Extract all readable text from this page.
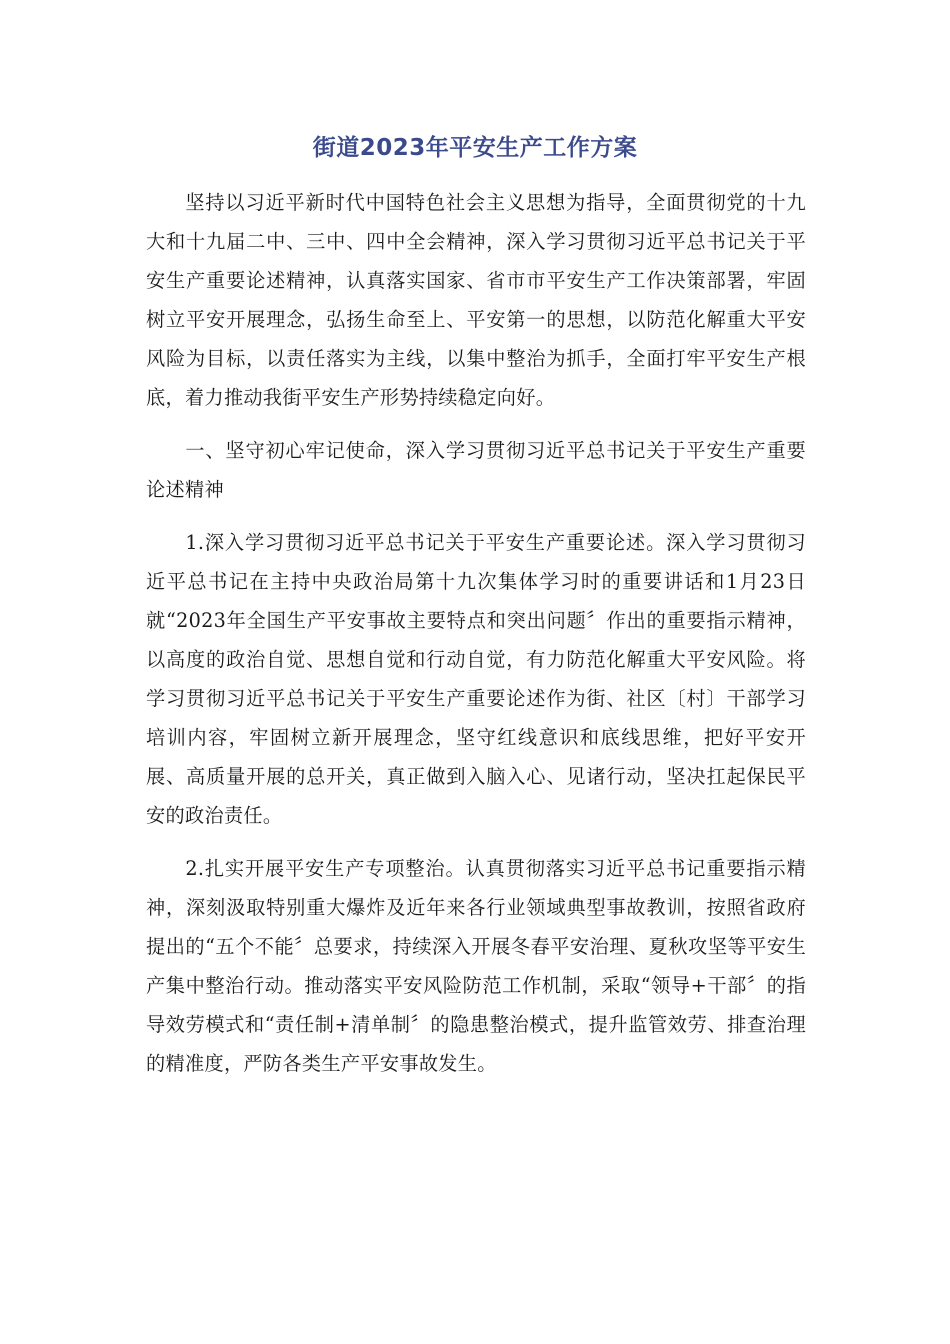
街道2023年平安生产工作方案

坚持以习近平新时代中国特色社会主义思想为指导，全面贯彻党的十九大和十九届二中、三中、四中全会精神，深入学习贯彻习近平总书记关于平安生产重要论述精神，认真落实国家、省市市平安生产工作决策部署，牢固树立平安开展理念，弘扬生命至上、平安第一的思想，以防范化解重大平安风险为目标，以责任落实为主线，以集中整治为抓手，全面打牢平安生产根底，着力推动我街平安生产形势持续稳定向好。

一、坚守初心牢记使命，深入学习贯彻习近平总书记关于平安生产重要论述精神

1.深入学习贯彻习近平总书记关于平安生产重要论述。深入学习贯彻习近平总书记在主持中央政治局第十九次集体学习时的重要讲话和1月23日就“2023年全国生产平安事故主要特点和突出问题〞作出的重要指示精神，以高度的政治自觉、思想自觉和行动自觉，有力防范化解重大平安风险。将学习贯彻习近平总书记关于平安生产重要论述作为街、社区〔村〕干部学习培训内容，牢固树立新开展理念，坚守红线意识和底线思维，把好平安开展、高质量开展的总开关，真正做到入脑入心、见诸行动，坚决扛起保民平安的政治责任。

2.扎实开展平安生产专项整治。认真贯彻落实习近平总书记重要指示精神，深刻汲取特别重大爆炸及近年来各行业领域典型事故教训，按照省政府提出的“五个不能〞总要求，持续深入开展冬春平安治理、夏秋攻坚等平安生产集中整治行动。推动落实平安风险防范工作机制，采取“领导+干部〞的指导效劳模式和“责任制+清单制〞的隐患整治模式，提升监管效劳、排查治理的精准度，严防各类生产平安事故发生。
